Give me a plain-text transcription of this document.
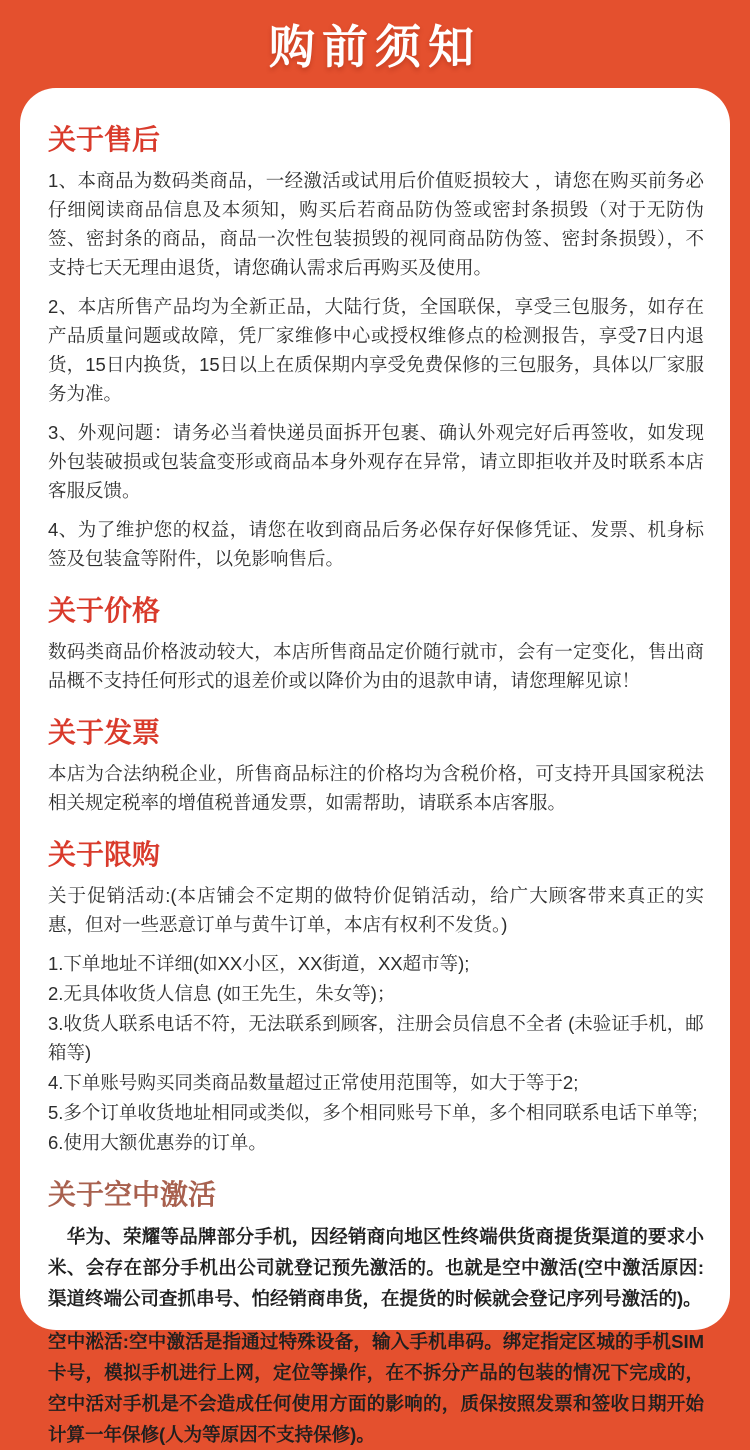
购前须知
关于售后

1、本商品为数码类商品，一经激活或试用后价值贬损较大 ，请您在购买前务必仔细阅读商品信息及本须知，购买后若商品防伪签或密封条损毁（对于无防伪签、密封条的商品，商品一次性包装损毁的视同商品防伪签、密封条损毁），不支持七天无理由退货，请您确认需求后再购买及使用。

2、本店所售产品均为全新正品，大陆行货，全国联保，享受三包服务，如存在产品质量问题或故障，凭厂家维修中心或授权维修点的检测报告，享受7日内退货，15日内换货，15日以上在质保期内享受免费保修的三包服务，具体以厂家服务为准。

3、外观问题：请务必当着快递员面拆开包裹、确认外观完好后再签收，如发现外包装破损或包装盒变形或商品本身外观存在异常，请立即拒收并及时联系本店客服反馈。

4、为了维护您的权益，请您在收到商品后务必保存好保修凭证、发票、机身标签及包装盒等附件，以免影响售后。

关于价格

数码类商品价格波动较大，本店所售商品定价随行就市，会有一定变化，售出商品概不支持任何形式的退差价或以降价为由的退款申请，请您理解见谅！

关于发票

本店为合法纳税企业，所售商品标注的价格均为含税价格，可支持开具国家税法相关规定税率的增值税普通发票，如需帮助，请联系本店客服。

关于限购

关于促销活动:(本店铺会不定期的做特价促销活动，给广大顾客带来真正的实惠，但对一些恶意订单与黄牛订单，本店有权利不发货。)

1.下单地址不详细(如XX小区，XX街道，XX超市等);
2.无具体收货人信息 (如王先生，朱女等)；
3.收货人联系电话不符，无法联系到顾客，注册会员信息不全者 (未验证手机，邮箱等)
4.下单账号购买同类商品数量超过正常使用范围等，如大于等于2;
5.多个订单收货地址相同或类似，多个相同账号下单，多个相同联系电话下单等;
6.使用大额优惠券的订单。
关于空中激活

　华为、荣耀等品牌部分手机，因经销商向地区性终端供货商提货渠道的要求小米、会存在部分手机出公司就登记预先激活的。也就是空中激活(空中激活原因:渠道终端公司查抓串号、怕经销商串货，在提货的时候就会登记序列号激活的)。

空中淞活:空中激活是指通过特殊设备，输入手机串码。绑定指定区城的手机SIM卡号，模拟手机进行上网，定位等操作，在不拆分产品的包装的情况下完成的，空中活对手机是不会造成任何使用方面的影响的，质保按照发票和签收日期开始计算一年保修(人为等原因不支持保修)。
